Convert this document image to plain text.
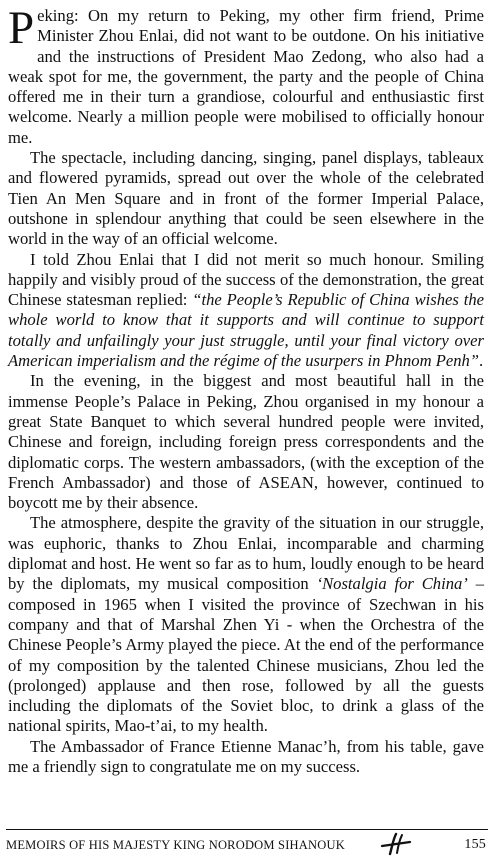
Peking: On my return to Peking, my other firm friend, Prime Minister Zhou Enlai, did not want to be outdone. On his initiative and the instructions of President Mao Zedong, who also had a weak spot for me, the government, the party and the people of China offered me in their turn a grandiose, colourful and enthusiastic first welcome. Nearly a million people were mobilised to officially honour me.

The spectacle, including dancing, singing, panel displays, tableaux and flowered pyramids, spread out over the whole of the celebrated Tien An Men Square and in front of the former Imperial Palace, outshone in splendour anything that could be seen elsewhere in the world in the way of an official welcome.

I told Zhou Enlai that I did not merit so much honour. Smiling happily and visibly proud of the success of the demonstration, the great Chinese statesman replied: “the People’s Republic of China wishes the whole world to know that it supports and will continue to support totally and unfailingly your just struggle, until your final victory over American imperialism and the régime of the usurpers in Phnom Penh”.

In the evening, in the biggest and most beautiful hall in the immense People’s Palace in Peking, Zhou organised in my honour a great State Banquet to which several hundred people were invited, Chinese and foreign, including foreign press correspondents and the diplomatic corps. The western ambassadors, (with the exception of the French Ambassador) and those of ASEAN, however, continued to boycott me by their absence.

The atmosphere, despite the gravity of the situation in our struggle, was euphoric, thanks to Zhou Enlai, incomparable and charming diplomat and host. He went so far as to hum, loudly enough to be heard by the diplomats, my musical composition ‘Nostalgia for China’ – composed in 1965 when I visited the province of Szechwan in his company and that of Marshal Zhen Yi - when the Orchestra of the Chinese People’s Army played the piece. At the end of the performance of my composition by the talented Chinese musicians, Zhou led the (prolonged) applause and then rose, followed by all the guests including the diplomats of the Soviet bloc, to drink a glass of the national spirits, Mao-t’ai, to my health.

The Ambassador of France Etienne Manac’h, from his table, gave me a friendly sign to congratulate me on my success.

MEMOIRS OF HIS MAJESTY KING NORODOM SIHANOUK	155
